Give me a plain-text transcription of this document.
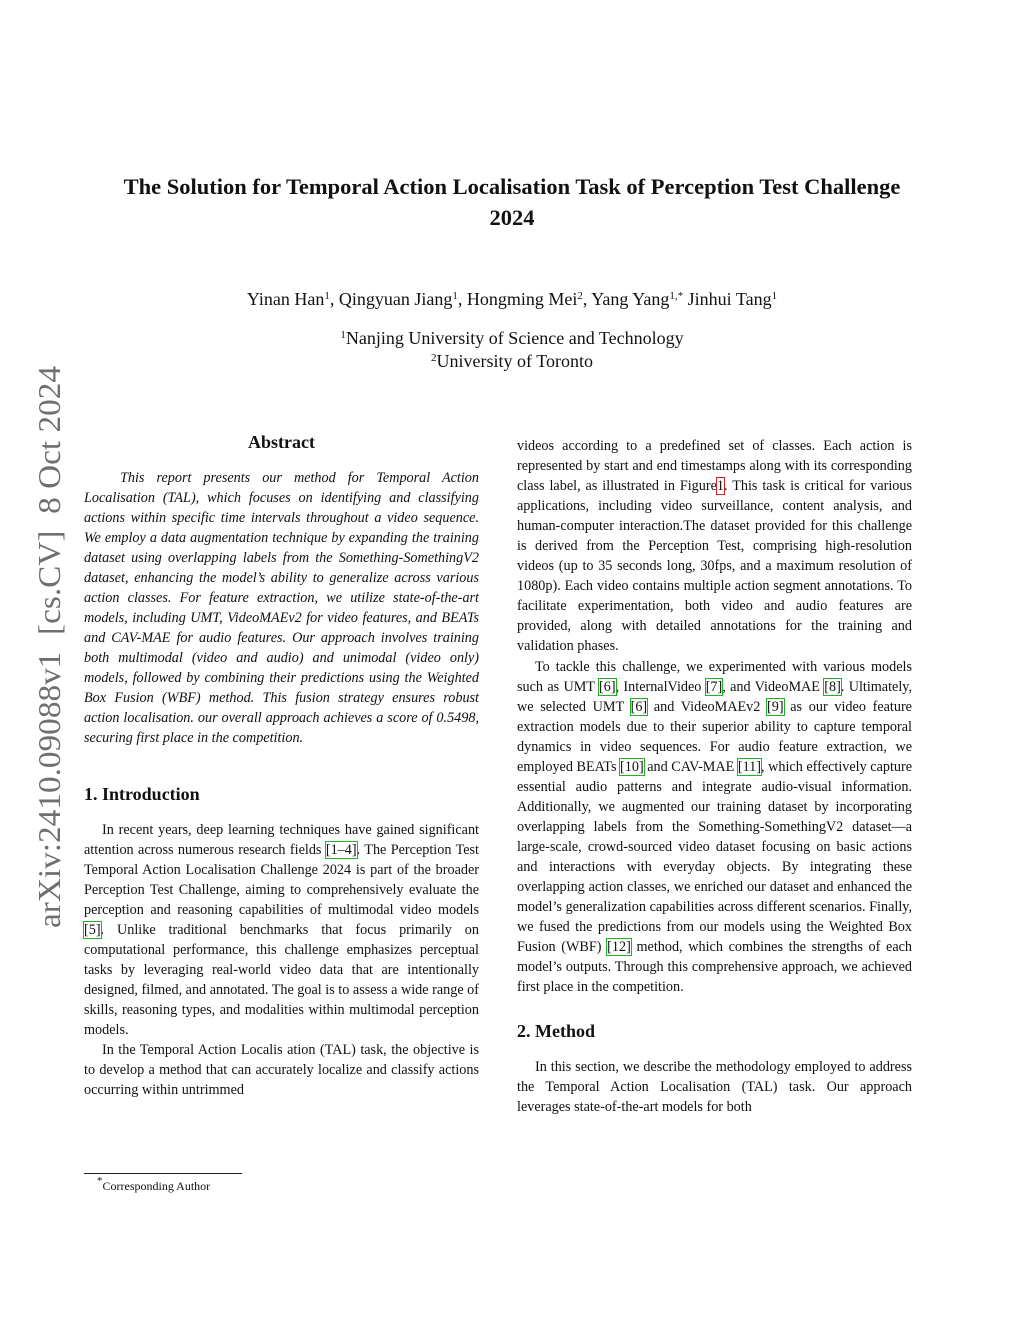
arXiv:2410.09088v1  [cs.CV]  8 Oct 2024
The Solution for Temporal Action Localisation Task of Perception Test Challenge
2024
Yinan Han$^1$, Qingyuan Jiang$^1$, Hongming Mei$^2$, Yang Yang$^{1,*}$ Jinhui Tang$^1$
$^1$Nanjing University of Science and Technology
$^2$University of Toronto
Abstract

This report presents our method for Temporal Action Localisation (TAL), which focuses on identifying and classifying actions within specific time intervals throughout a video sequence. We employ a data augmentation technique by expanding the training dataset using overlapping labels from the Something-SomethingV2 dataset, enhancing the model’s ability to generalize across various action classes. For feature extraction, we utilize state-of-the-art models, including UMT, VideoMAEv2 for video features, and BEATs and CAV-MAE for audio features. Our approach involves training both multimodal (video and audio) and unimodal (video only) models, followed by combining their predictions using the Weighted Box Fusion (WBF) method. This fusion strategy ensures robust action localisation. our overall approach achieves a score of 0.5498, securing first place in the competition.

1. Introduction

In recent years, deep learning techniques have gained significant attention across numerous research fields [1–4]. The Perception Test Temporal Action Localisation Challenge 2024 is part of the broader Perception Test Challenge, aiming to comprehensively evaluate the perception and reasoning capabilities of multimodal video models [5]. Unlike traditional benchmarks that focus primarily on computational performance, this challenge emphasizes perceptual tasks by leveraging real-world video data that are intentionally designed, filmed, and annotated. The goal is to assess a wide range of skills, reasoning types, and modalities within multimodal perception models.

In the Temporal Action Localis ation (TAL) task, the objective is to develop a method that can accurately localize and classify actions occurring within untrimmed

*Corresponding Author

videos according to a predefined set of classes. Each action is represented by start and end timestamps along with its corresponding class label, as illustrated in Figure1. This task is critical for various applications, including video surveillance, content analysis, and human-computer interaction.The dataset provided for this challenge is derived from the Perception Test, comprising high-resolution videos (up to 35 seconds long, 30fps, and a maximum resolution of 1080p). Each video contains multiple action segment annotations. To facilitate experimentation, both video and audio features are provided, along with detailed annotations for the training and validation phases.

To tackle this challenge, we experimented with various models such as UMT [6], InternalVideo [7], and VideoMAE [8]. Ultimately, we selected UMT [6] and VideoMAEv2 [9] as our video feature extraction models due to their superior ability to capture temporal dynamics in video sequences. For audio feature extraction, we employed BEATs [10] and CAV-MAE [11], which effectively capture essential audio patterns and integrate audio-visual information. Additionally, we augmented our training dataset by incorporating overlapping labels from the Something-SomethingV2 dataset—a large-scale, crowd-sourced video dataset focusing on basic actions and interactions with everyday objects. By integrating these overlapping action classes, we enriched our dataset and enhanced the model’s generalization capabilities across different scenarios. Finally, we fused the predictions from our models using the Weighted Box Fusion (WBF) [12] method, which combines the strengths of each model’s outputs. Through this comprehensive approach, we achieved first place in the competition.

2. Method

In this section, we describe the methodology employed to address the Temporal Action Localisation (TAL) task. Our approach leverages state-of-the-art models for both
